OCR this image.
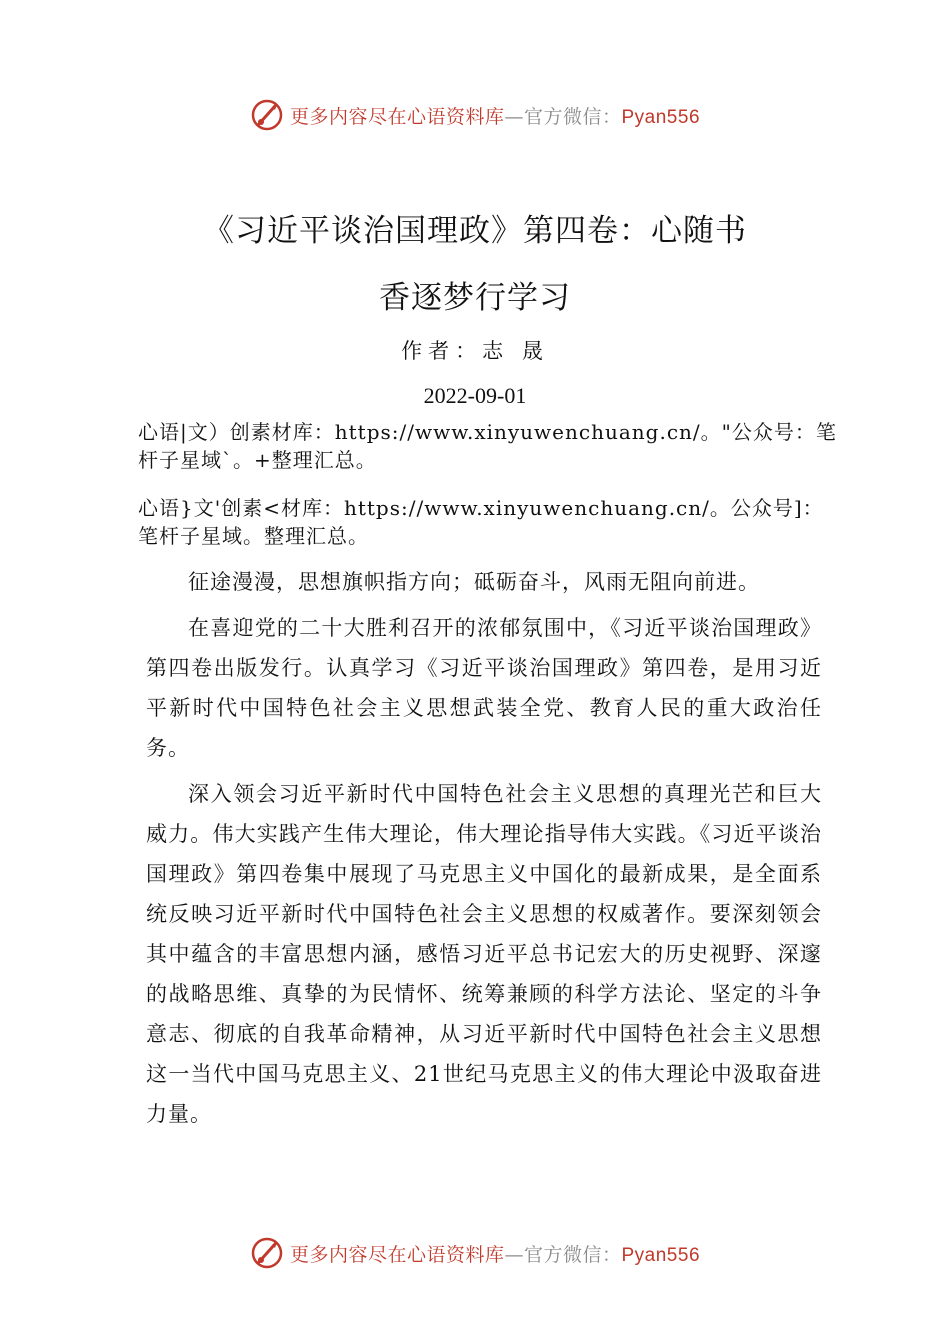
更多内容尽在心语资料库—官方微信：Pyan556
《习近平谈治国理政》第四卷：心随书
香逐梦行学习
作者：志 晟
2022-09-01
心语|文）创素材库：https://www.xinyuwenchuang.cn/。"公众号：笔杆子星域`。+整理汇总。
心语}文'创素<材库：https://www.xinyuwenchuang.cn/。公众号]：笔杆子星域。整理汇总。

征途漫漫，思想旗帜指方向；砥砺奋斗，风雨无阻向前进。

在喜迎党的二十大胜利召开的浓郁氛围中，《习近平谈治国理政》第四卷出版发行。认真学习《习近平谈治国理政》第四卷，是用习近平新时代中国特色社会主义思想武装全党、教育人民的重大政治任务。

深入领会习近平新时代中国特色社会主义思想的真理光芒和巨大威力。伟大实践产生伟大理论，伟大理论指导伟大实践。《习近平谈治国理政》第四卷集中展现了马克思主义中国化的最新成果，是全面系统反映习近平新时代中国特色社会主义思想的权威著作。要深刻领会其中蕴含的丰富思想内涵，感悟习近平总书记宏大的历史视野、深邃的战略思维、真挚的为民情怀、统筹兼顾的科学方法论、坚定的斗争意志、彻底的自我革命精神，从习近平新时代中国特色社会主义思想这一当代中国马克思主义、21世纪马克思主义的伟大理论中汲取奋进力量。

更多内容尽在心语资料库—官方微信：Pyan556
